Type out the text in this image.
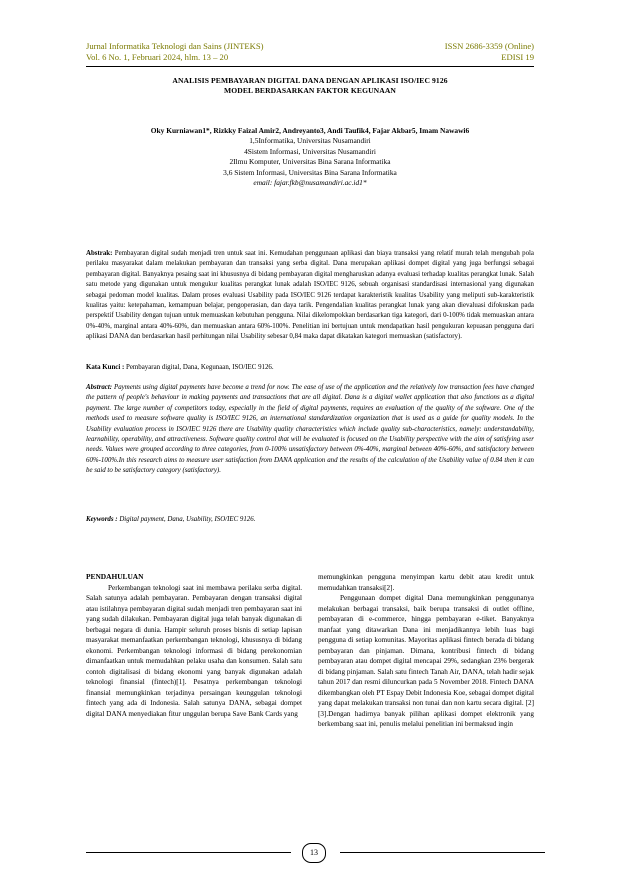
Jurnal Informatika Teknologi dan Sains (JINTEKS)
Vol. 6 No. 1, Februari 2024, hlm. 13 – 20
ISSN 2686-3359 (Online)
EDISI 19
ANALISIS PEMBAYARAN DIGITAL DANA DENGAN APLIKASI ISO/IEC 9126
MODEL BERDASARKAN FAKTOR KEGUNAAN
Oky Kurniawan1*, Rizkky Faizal Amir2, Andreyanto3, Andi Taufik4, Fajar Akbar5, Imam Nawawi6
1,5Informatika, Universitas Nusamandiri
4Sistem Informasi, Universitas Nusamandiri
2Ilmu Komputer, Universitas Bina Sarana Informatika
3,6 Sistem Informasi, Universitas Bina Sarana Informatika
email: fajar.fkb@nusamandiri.ac.id1*
Abstrak: Pembayaran digital sudah menjadi tren untuk saat ini. Kemudahan penggunaan aplikasi dan biaya transaksi yang relatif murah telah mengubah pola perilaku masyarakat dalam melakukan pembayaran dan transaksi yang serba digital. Dana merupakan aplikasi dompet digital yang juga berfungsi sebagai pembayaran digital. Banyaknya pesaing saat ini khususnya di bidang pembayaran digital mengharuskan adanya evaluasi terhadap kualitas perangkat lunak. Salah satu metode yang digunakan untuk mengukur kualitas perangkat lunak adalah ISO/IEC 9126, sebuah organisasi standardisasi internasional yang digunakan sebagai pedoman model kualitas. Dalam proses evaluasi Usability pada ISO/IEC 9126 terdapat karakteristik kualitas Usability yang meliputi sub-karakteristik kualitas yaitu: ketepahaman, kemampuan belajar, pengoperasian, dan daya tarik. Pengendalian kualitas perangkat lunak yang akan dievaluasi difokuskan pada perspektif Usability dengan tujuan untuk memuaskan kebutuhan pengguna. Nilai dikelompokkan berdasarkan tiga kategori, dari 0-100% tidak memuaskan antara 0%-40%, marginal antara 40%-60%, dan memuaskan antara 60%-100%. Penelitian ini bertujuan untuk mendapatkan hasil pengukuran kepuasan pengguna dari aplikasi DANA dan berdasarkan hasil perhitungan nilai Usability sebesar 0,84 maka dapat dikatakan kategori memuaskan (satisfactory).
Kata Kunci : Pembayaran digital, Dana, Kegunaan, ISO/IEC 9126.
Abstract: Payments using digital payments have become a trend for now. The ease of use of the application and the relatively low transaction fees have changed the pattern of people's behaviour in making payments and transactions that are all digital. Dana is a digital wallet application that also functions as a digital payment. The large number of competitors today, especially in the field of digital payments, requires an evaluation of the quality of the software. One of the methods used to measure software quality is ISO/IEC 9126, an international standardization organization that is used as a guide for quality models. In the Usability evaluation process in ISO/IEC 9126 there are Usability quality characteristics which include quality sub-characteristics, namely: understandability, learnability, operability, and attractiveness. Software quality control that will be evaluated is focused on the Usability perspective with the aim of satisfying user needs. Values were grouped according to three categories, from 0-100% unsatisfactory between 0%-40%, marginal between 40%-60%, and satisfactory between 60%-100%.In this research aims to measure user satisfaction from DANA application and the results of the calculation of the Usability value of 0.84 then it can be said to be satisfactory category (satisfactory).
Keywords : Digital payment, Dana, Usability, ISO/IEC 9126.
PENDAHULUAN

Perkembangan teknologi saat ini membawa perilaku serba digital. Salah satunya adalah pembayaran. Pembayaran dengan transaksi digital atau istilahnya pembayaran digital sudah menjadi tren pembayaran saat ini yang sudah dilakukan. Pembayaran digital juga telah banyak digunakan di berbagai negara di dunia. Hampir seluruh proses bisnis di setiap lapisan masyarakat memanfaatkan perkembangan teknologi, khususnya di bidang ekonomi. Perkembangan teknologi informasi di bidang perekonomian dimanfaatkan untuk memudahkan pelaku usaha dan konsumen. Salah satu contoh digitalisasi di bidang ekonomi yang banyak digunakan adalah teknologi finansial (fintech)[1]. Pesatnya perkembangan teknologi finansial memungkinkan terjadinya persaingan keunggulan teknologi fintech yang ada di Indonesia. Salah satunya DANA, sebagai dompet digital DANA menyediakan fitur unggulan berupa Save Bank Cards yang

memungkinkan pengguna menyimpan kartu debit atau kredit untuk memudahkan transaksi[2].

Penggunaan dompet digital Dana memungkinkan penggunanya melakukan berbagai transaksi, baik berupa transaksi di outlet offline, pembayaran di e-commerce, hingga pembayaran e-tiket. Banyaknya manfaat yang ditawarkan Dana ini menjadikannya lebih luas bagi pengguna di setiap komunitas. Mayoritas aplikasi fintech berada di bidang pembayaran dan pinjaman. Dimana, kontribusi fintech di bidang pembayaran atau dompet digital mencapai 29%, sedangkan 23% bergerak di bidang pinjaman. Salah satu fintech Tanah Air, DANA, telah hadir sejak tahun 2017 dan resmi diluncurkan pada 5 November 2018. Fintech DANA dikembangkan oleh PT Espay Debit Indonesia Koe, sebagai dompet digital yang dapat melakukan transaksi non tunai dan non kartu secara digital. [2] [3].Dengan hadirnya banyak pilihan aplikasi dompet elektronik yang berkembang saat ini, penulis melalui penelitian ini bermaksud ingin

13
